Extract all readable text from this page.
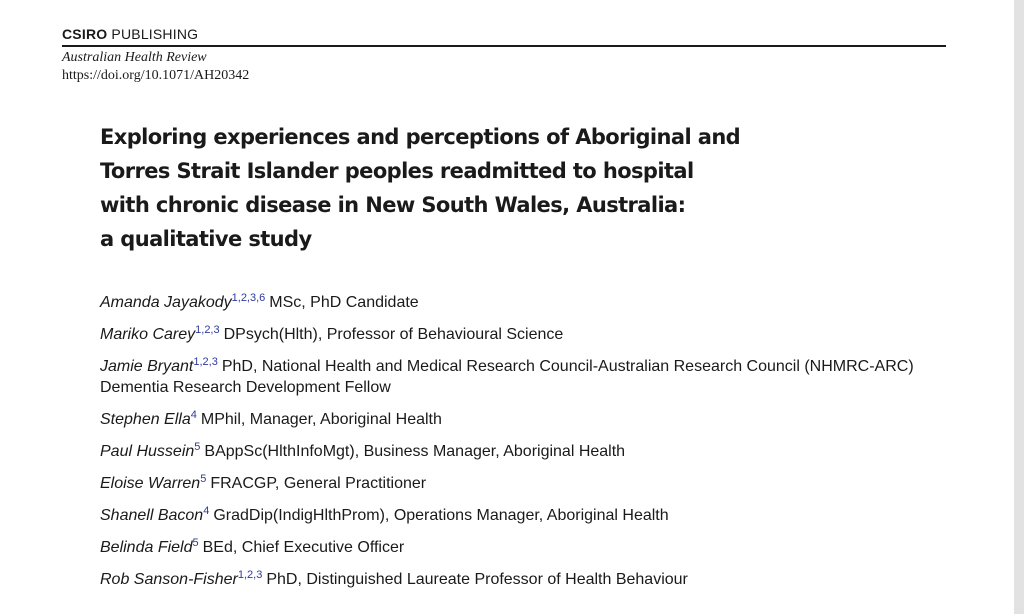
CSIRO PUBLISHING
Australian Health Review
https://doi.org/10.1071/AH20342
Exploring experiences and perceptions of Aboriginal and
Torres Strait Islander peoples readmitted to hospital
with chronic disease in New South Wales, Australia:
a qualitative study
Amanda Jayakody$^{1,2,3,6}$ MSc, PhD Candidate
Mariko Carey$^{1,2,3}$ DPsych(Hlth), Professor of Behavioural Science
Jamie Bryant$^{1,2,3}$ PhD, National Health and Medical Research Council-Australian Research Council (NHMRC-ARC) Dementia Research Development Fellow
Stephen Ella$^4$ MPhil, Manager, Aboriginal Health
Paul Hussein$^5$ BAppSc(HlthInfoMgt), Business Manager, Aboriginal Health
Eloise Warren$^5$ FRACGP, General Practitioner
Shanell Bacon$^4$ GradDip(IndigHlthProm), Operations Manager, Aboriginal Health
Belinda Field$^5$ BEd, Chief Executive Officer
Rob Sanson-Fisher$^{1,2,3}$ PhD, Distinguished Laureate Professor of Health Behaviour
